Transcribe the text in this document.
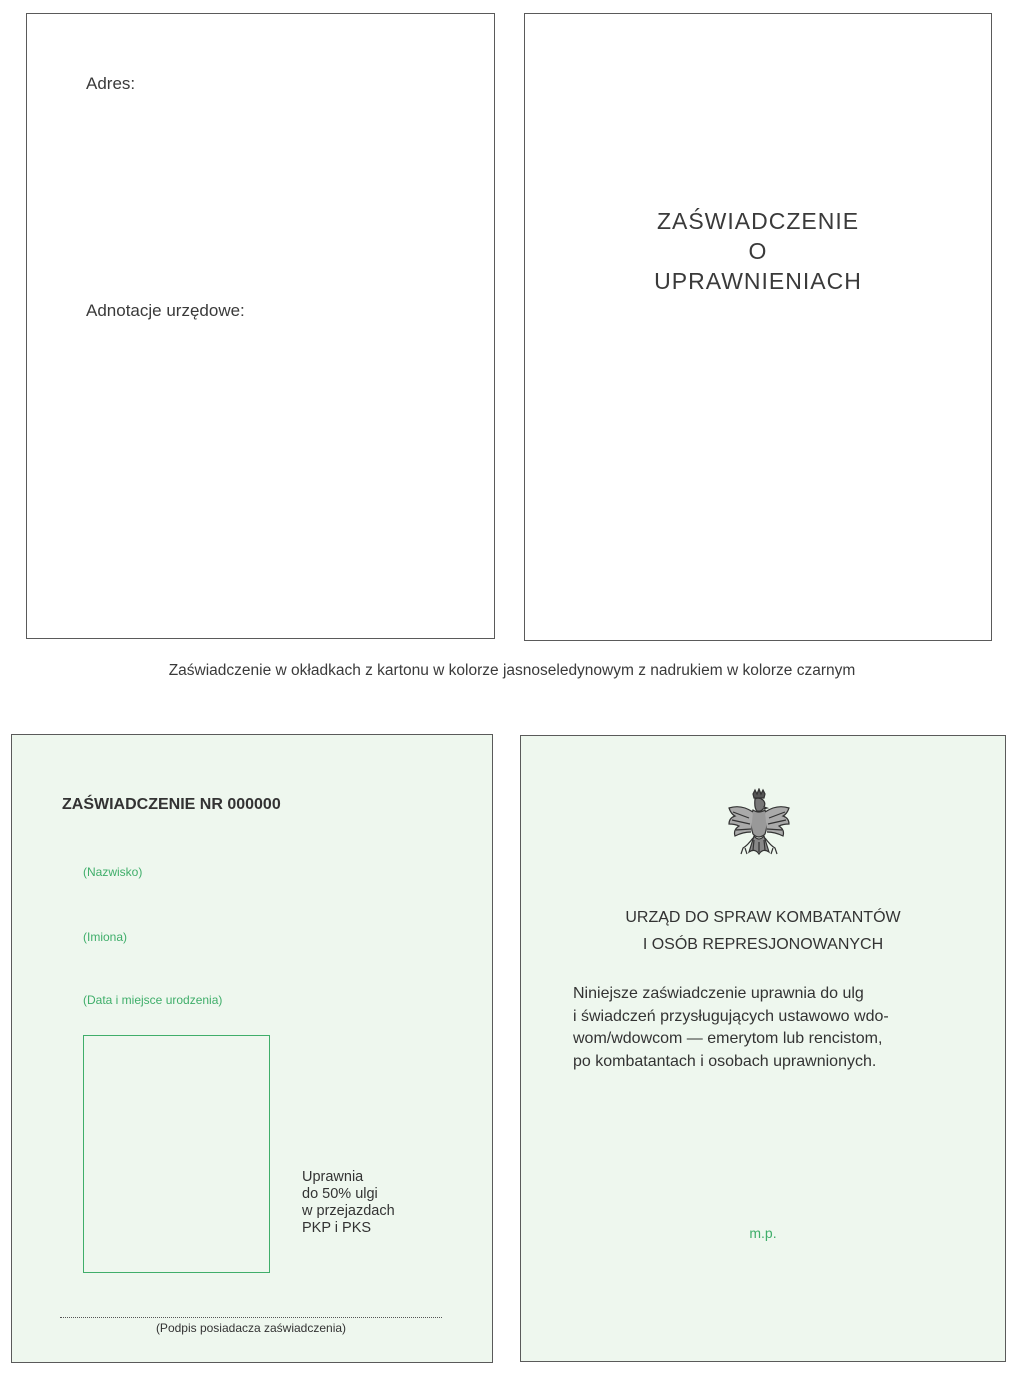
Adres:
Adnotacje urzędowe:
ZAŚWIADCZENIE
O
UPRAWNIENIACH
Zaświadczenie w okładkach z kartonu w kolorze jasnoseledynowym z nadrukiem w kolorze czarnym
ZAŚWIADCZENIE NR 000000
(Nazwisko)
(Imiona)
(Data i miejsce urodzenia)
Uprawnia
do 50% ulgi
w przejazdach
PKP i PKS
(Podpis posiadacza zaświadczenia)
URZĄD DO SPRAW KOMBATANTÓW
I OSÓB REPRESJONOWANYCH
Niniejsze zaświadczenie uprawnia do ulg
i świadczeń przysługujących ustawowo wdo-
wom/wdowcom — emerytom lub rencistom,
po kombatantach i osobach uprawnionych.
m.p.
